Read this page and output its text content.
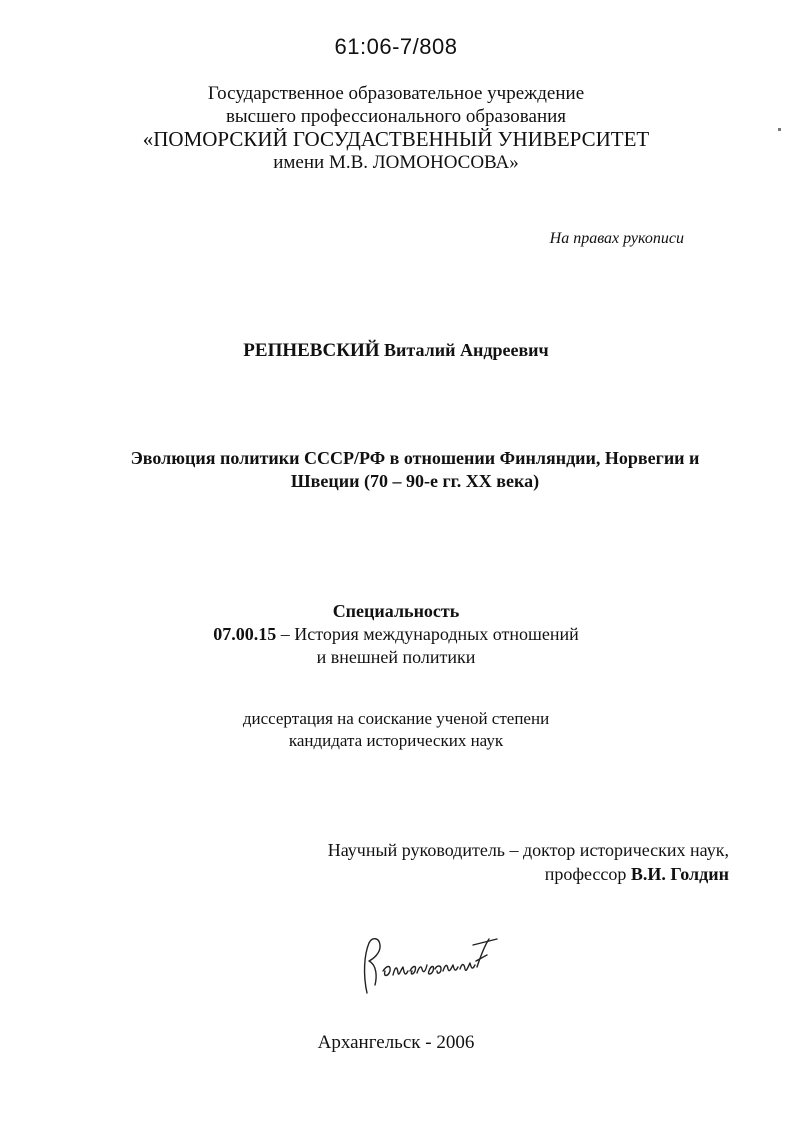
61:06-7/808
Государственное образовательное учреждение
высшего профессионального образования
«ПОМОРСКИЙ ГОСУДАСТВЕННЫЙ УНИВЕРСИТЕТ
имени М.В. ЛОМОНОСОВА»
На правах рукописи
РЕПНЕВСКИЙ Виталий Андреевич
Эволюция политики СССР/РФ в отношении Финляндии, Норвегии и
Швеции (70 – 90-е гг. XX века)
Специальность
07.00.15 – История международных отношений
и внешней политики
диссертация на соискание ученой степени
кандидата исторических наук
Научный руководитель – доктор исторических наук,
профессор В.И. Голдин
Архангельск - 2006
